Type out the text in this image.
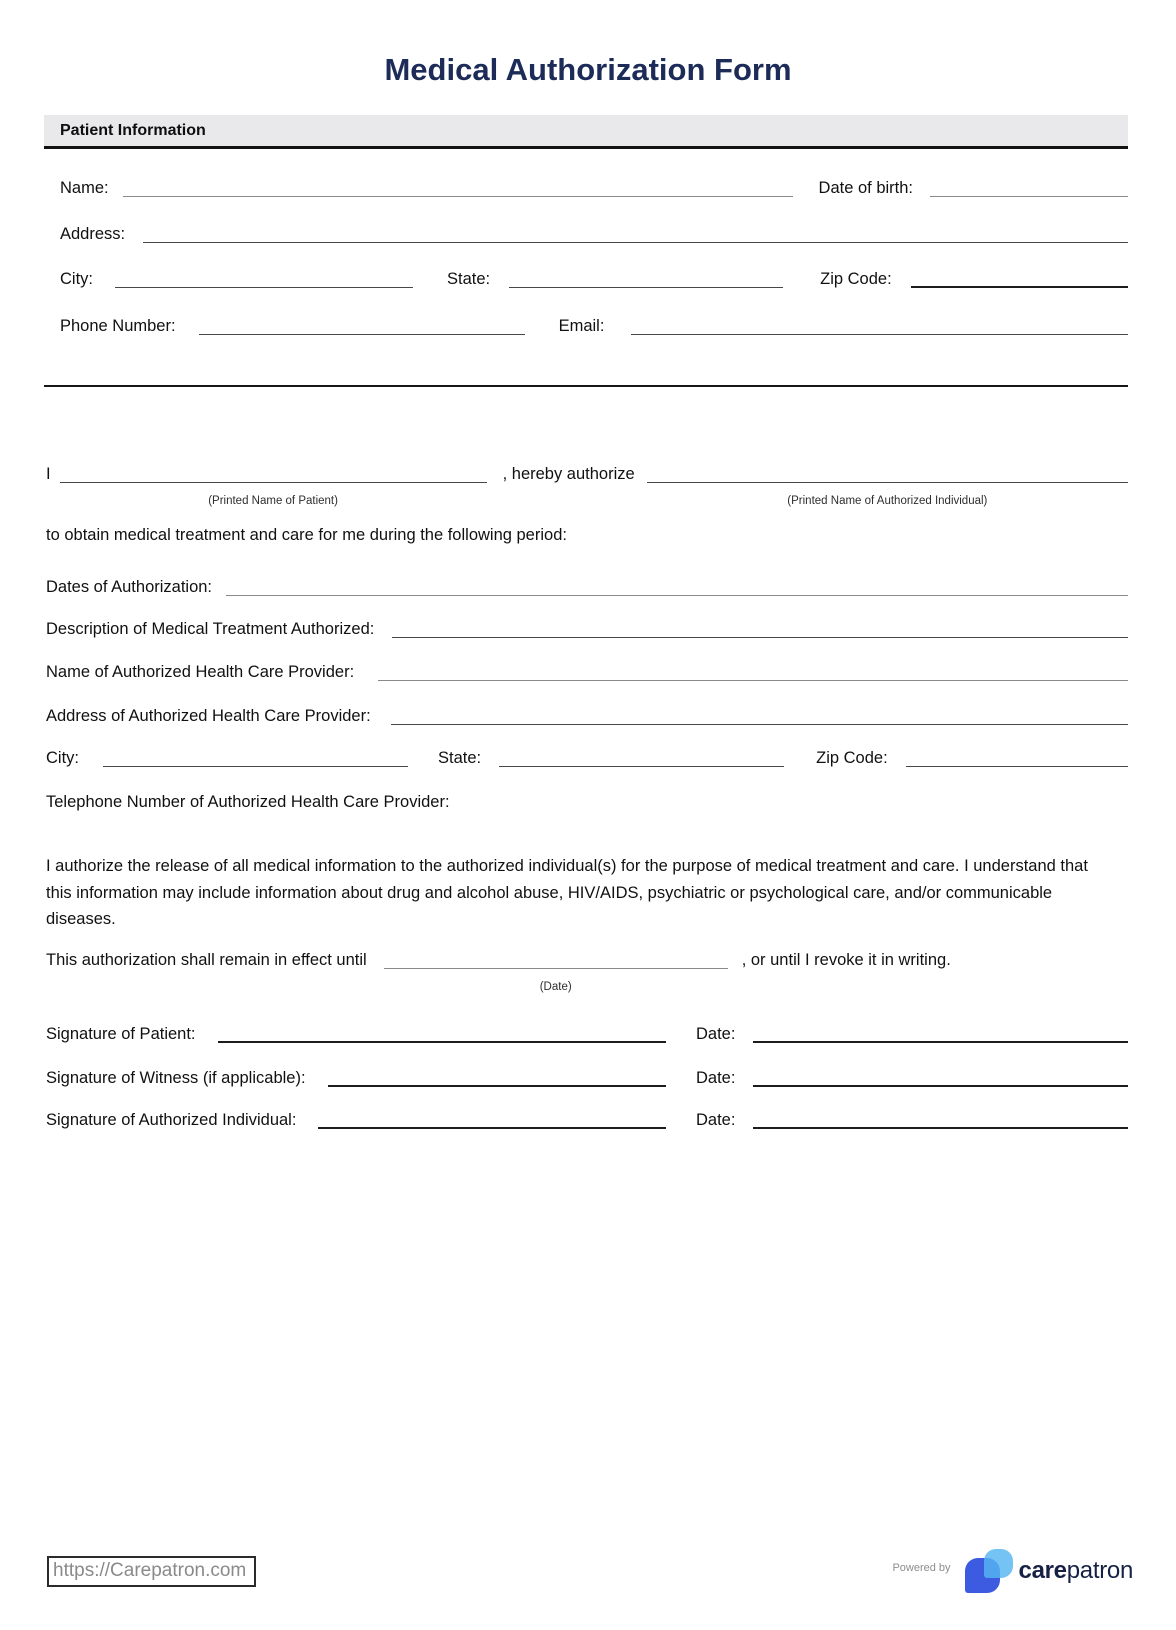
Medical Authorization Form
Patient Information
Name:	Date of birth:
Address:
City:	State:	Zip Code:
Phone Number:	Email:
I
(Printed Name of Patient)
, hereby authorize
(Printed Name of Authorized Individual)
to obtain medical treatment and care for me during the following period:
Dates of Authorization:
Description of Medical Treatment Authorized:
Name of Authorized Health Care Provider:
Address of Authorized Health Care Provider:
City:	State:	Zip Code:
Telephone Number of Authorized Health Care Provider:
I authorize the release of all medical information to the authorized individual(s) for the purpose of medical treatment and care. I understand that this information may include information about drug and alcohol abuse, HIV/AIDS, psychiatric or psychological care, and/or communicable diseases.
This authorization shall remain in effect until
(Date)
, or until I revoke it in writing.
Signature of Patient:	Date:
Signature of Witness (if applicable):	Date:
Signature of Authorized Individual:	Date:
https://Carepatron.com	Powered by	carepatron
